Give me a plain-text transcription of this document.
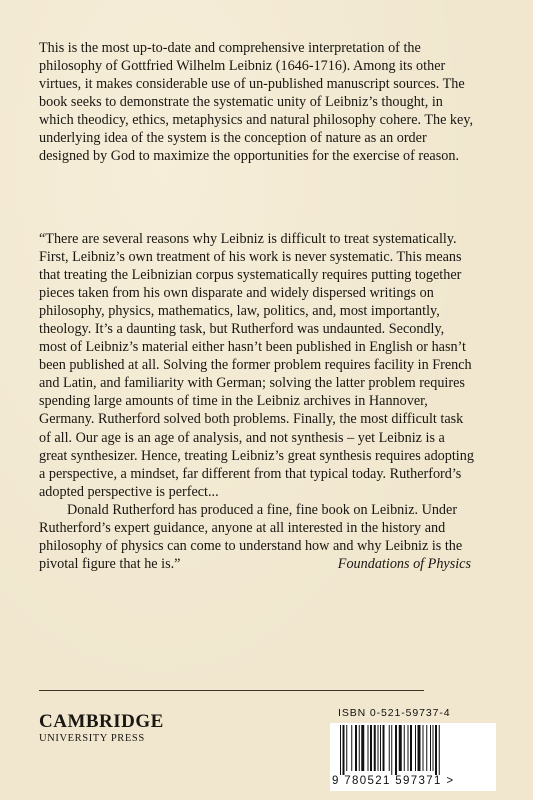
This is the most up-to-date and comprehensive interpretation of the philosophy of Gottfried Wilhelm Leibniz (1646-1716). Among its other virtues, it makes considerable use of un-published manuscript sources. The book seeks to demonstrate the systematic unity of Leibniz’s thought, in which theodicy, ethics, metaphysics and natural philosophy cohere. The key, underlying idea of the system is the conception of nature as an order designed by God to maximize the opportunities for the exercise of reason.

“There are several reasons why Leibniz is difficult to treat systematically. First, Leibniz’s own treatment of his work is never systematic. This means that treating the Leibnizian corpus systematically requires putting together pieces taken from his own disparate and widely dispersed writings on philosophy, physics, mathematics, law, politics, and, most importantly, theology. It’s a daunting task, but Rutherford was undaunted. Secondly, most of Leibniz’s material either hasn’t been published in English or hasn’t been published at all. Solving the former problem requires facility in French and Latin, and familiarity with German; solving the latter problem requires spending large amounts of time in the Leibniz archives in Hannover, Germany. Rutherford solved both problems. Finally, the most difficult task of all. Our age is an age of analysis, and not synthesis – yet Leibniz is a great synthesizer. Hence, treating Leibniz’s great synthesis requires adopting a perspective, a mindset, far different from that typical today. Rutherford’s adopted perspective is perfect...

Donald Rutherford has produced a fine, fine book on Leibniz. Under Rutherford’s expert guidance, anyone at all interested in the history and philosophy of physics can come to understand how and why Leibniz is the pivotal figure that he is.”	Foundations of Physics
CAMBRIDGE
UNIVERSITY PRESS
ISBN 0-521-59737-4
9 780521 597371 >
